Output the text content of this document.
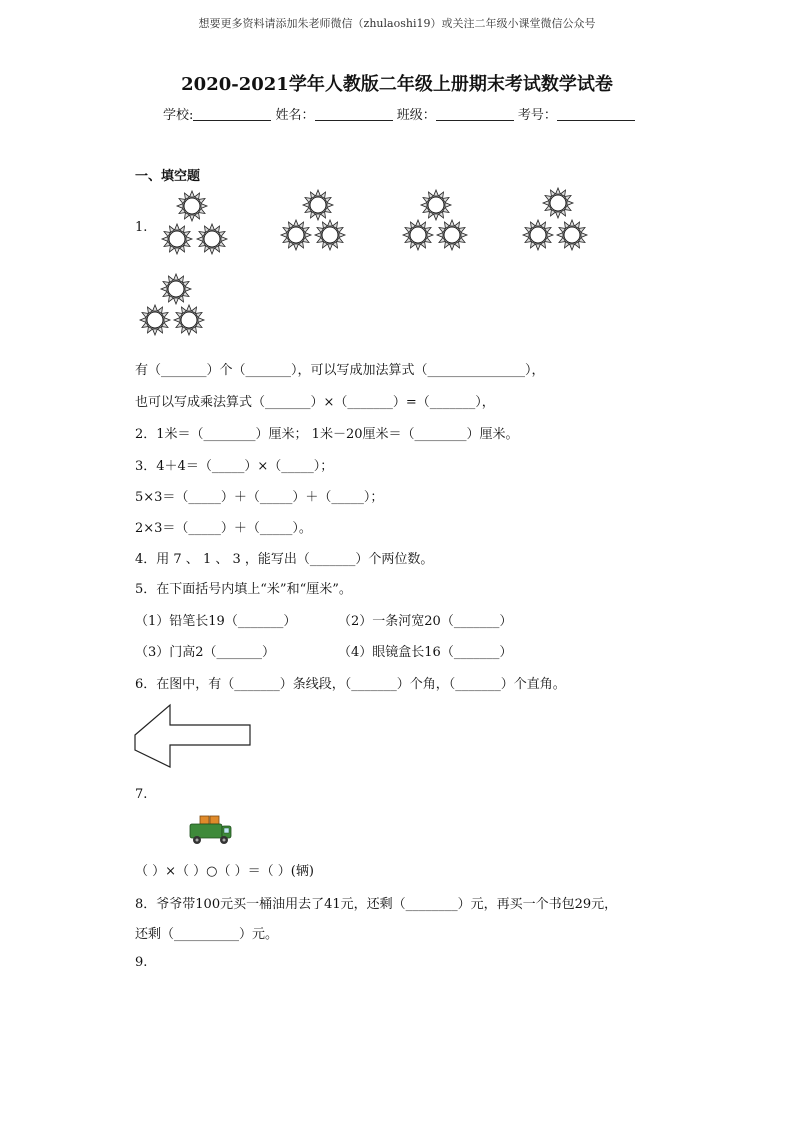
想要更多资料请添加朱老师微信（zhulaoshi19）或关注二年级小课堂微信公众号
2020-2021学年人教版二年级上册期末考试数学试卷
学校:	姓名：	班级：	考号：
一、填空题
1.
有（_______）个（_______），可以写成加法算式（_______________），
也可以写成乘法算式（_______）×（_______）=（_______），
2．1米＝（________）厘米； 1米－20厘米＝（________）厘米。
3．4＋4＝（_____）×（_____）；
5×3＝（_____）＋（_____）＋（_____）；
2×3＝（_____）＋（_____）。
4．用 7 、 1 、 3 ，能写出（_______）个两位数。
5．在下面括号内填上“米”和“厘米”。
（1）铅笔长19（_______）	（2）一条河宽20（_______）
（3）门高2（_______）	（4）眼镜盒长16（_______）
6．在图中，有（_______）条线段，（_______）个角，（_______）个直角。
7.
（ ）×（ ）○（ ）＝（ ）(辆)
8．爷爷带100元买一桶油用去了41元，还剩（________）元，再买一个书包29元，
还剩（__________）元。
9.
